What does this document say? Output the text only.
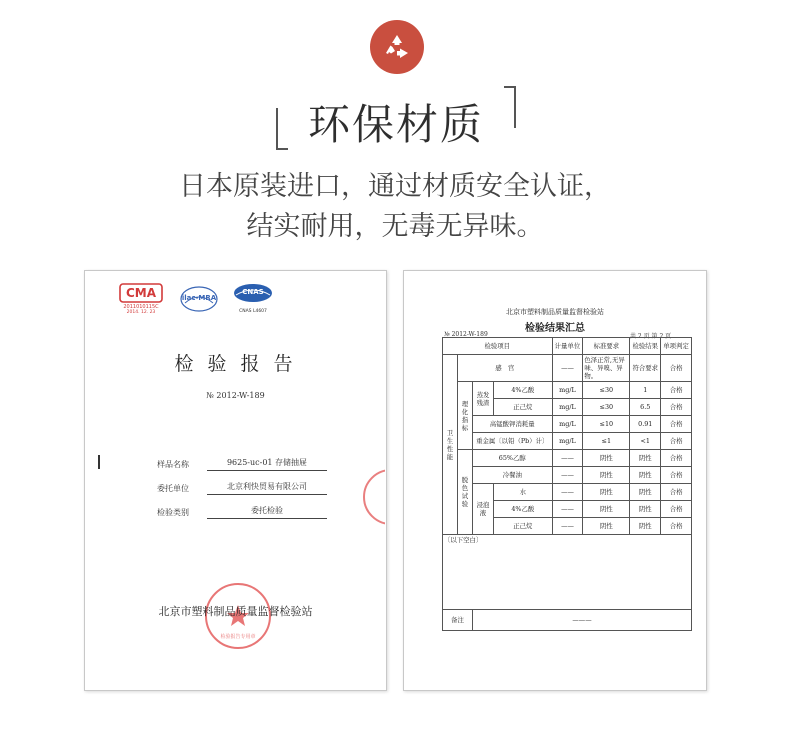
环保材质
日本原装进口，通过材质安全认证，
结实耐用，无毒无异味。
CMA
2011010115C
2014. 12. 23
ilac-MRA
CNAS
CNAS L4607
检 验 报 告
№ 2012-W-189
样品名称	9625-uc-01 存储抽屉
委托单位	北京利快贸易有限公司
检验类别	委托检验
检验报告专用章
北京市塑料制品质量监督检验站
北京市塑料制品质量监督检验站
检验结果汇总
№ 2012-W-189	共 2 页 第 2 页
检验项目				计量单位	标准要求	检验结果	单项判定
卫生性能	感　官			——	色泽正常,无异味、异嗅、异物。	符合要求	合格
	理化指标	蒸发残渣	4%乙酸	mg/L	≤30	1	合格
			正己烷	mg/L	≤30	6.5	合格
		高锰酸钾消耗量		mg/L	≤10	0.91	合格
		重金属〔以铅（Pb）计〕		mg/L	≤1	<1	合格
	脱色试验	65%乙醇		——	阴性	阴性	合格
		冷餐油		——	阴性	阴性	合格
		浸泡液	水	——	阴性	阴性	合格
			4%乙酸	——	阴性	阴性	合格
			正己烷	——	阴性	阴性	合格
〔以下空白〕							
备注		———					
